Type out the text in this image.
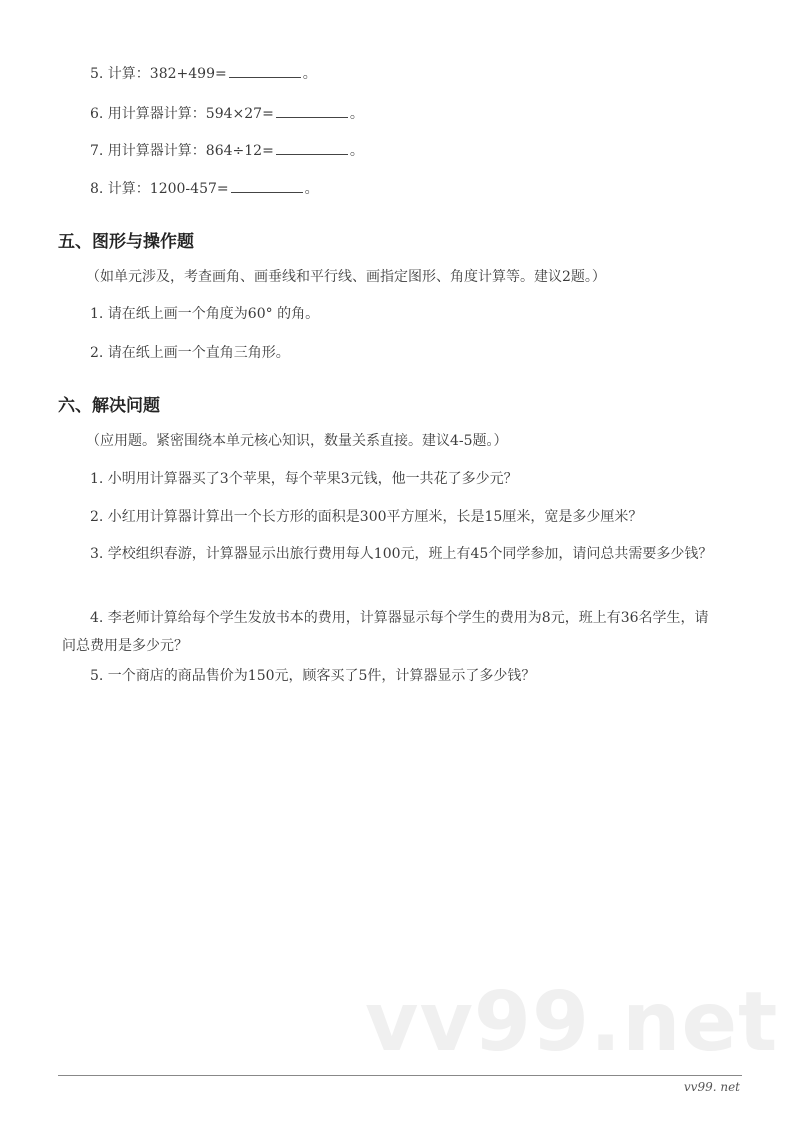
5. 计算：382+499=	。
6. 用计算器计算：594×27=	。
7. 用计算器计算：864÷12=	。
8. 计算：1200-457=	。
五、图形与操作题
（如单元涉及，考查画角、画垂线和平行线、画指定图形、角度计算等。建议2题。）
1. 请在纸上画一个角度为60° 的角。
2. 请在纸上画一个直角三角形。
六、解决问题
（应用题。紧密围绕本单元核心知识，数量关系直接。建议4-5题。）
1. 小明用计算器买了3个苹果，每个苹果3元钱，他一共花了多少元？
2. 小红用计算器计算出一个长方形的面积是300平方厘米，长是15厘米，宽是多少厘米？
3. 学校组织春游，计算器显示出旅行费用每人100元，班上有45个同学参加，请问总共需要多少钱？
4. 李老师计算给每个学生发放书本的费用，计算器显示每个学生的费用为8元，班上有36名学生，请问总费用是多少元？
5. 一个商店的商品售价为150元，顾客买了5件，计算器显示了多少钱？
vv99.net
vv99. net
